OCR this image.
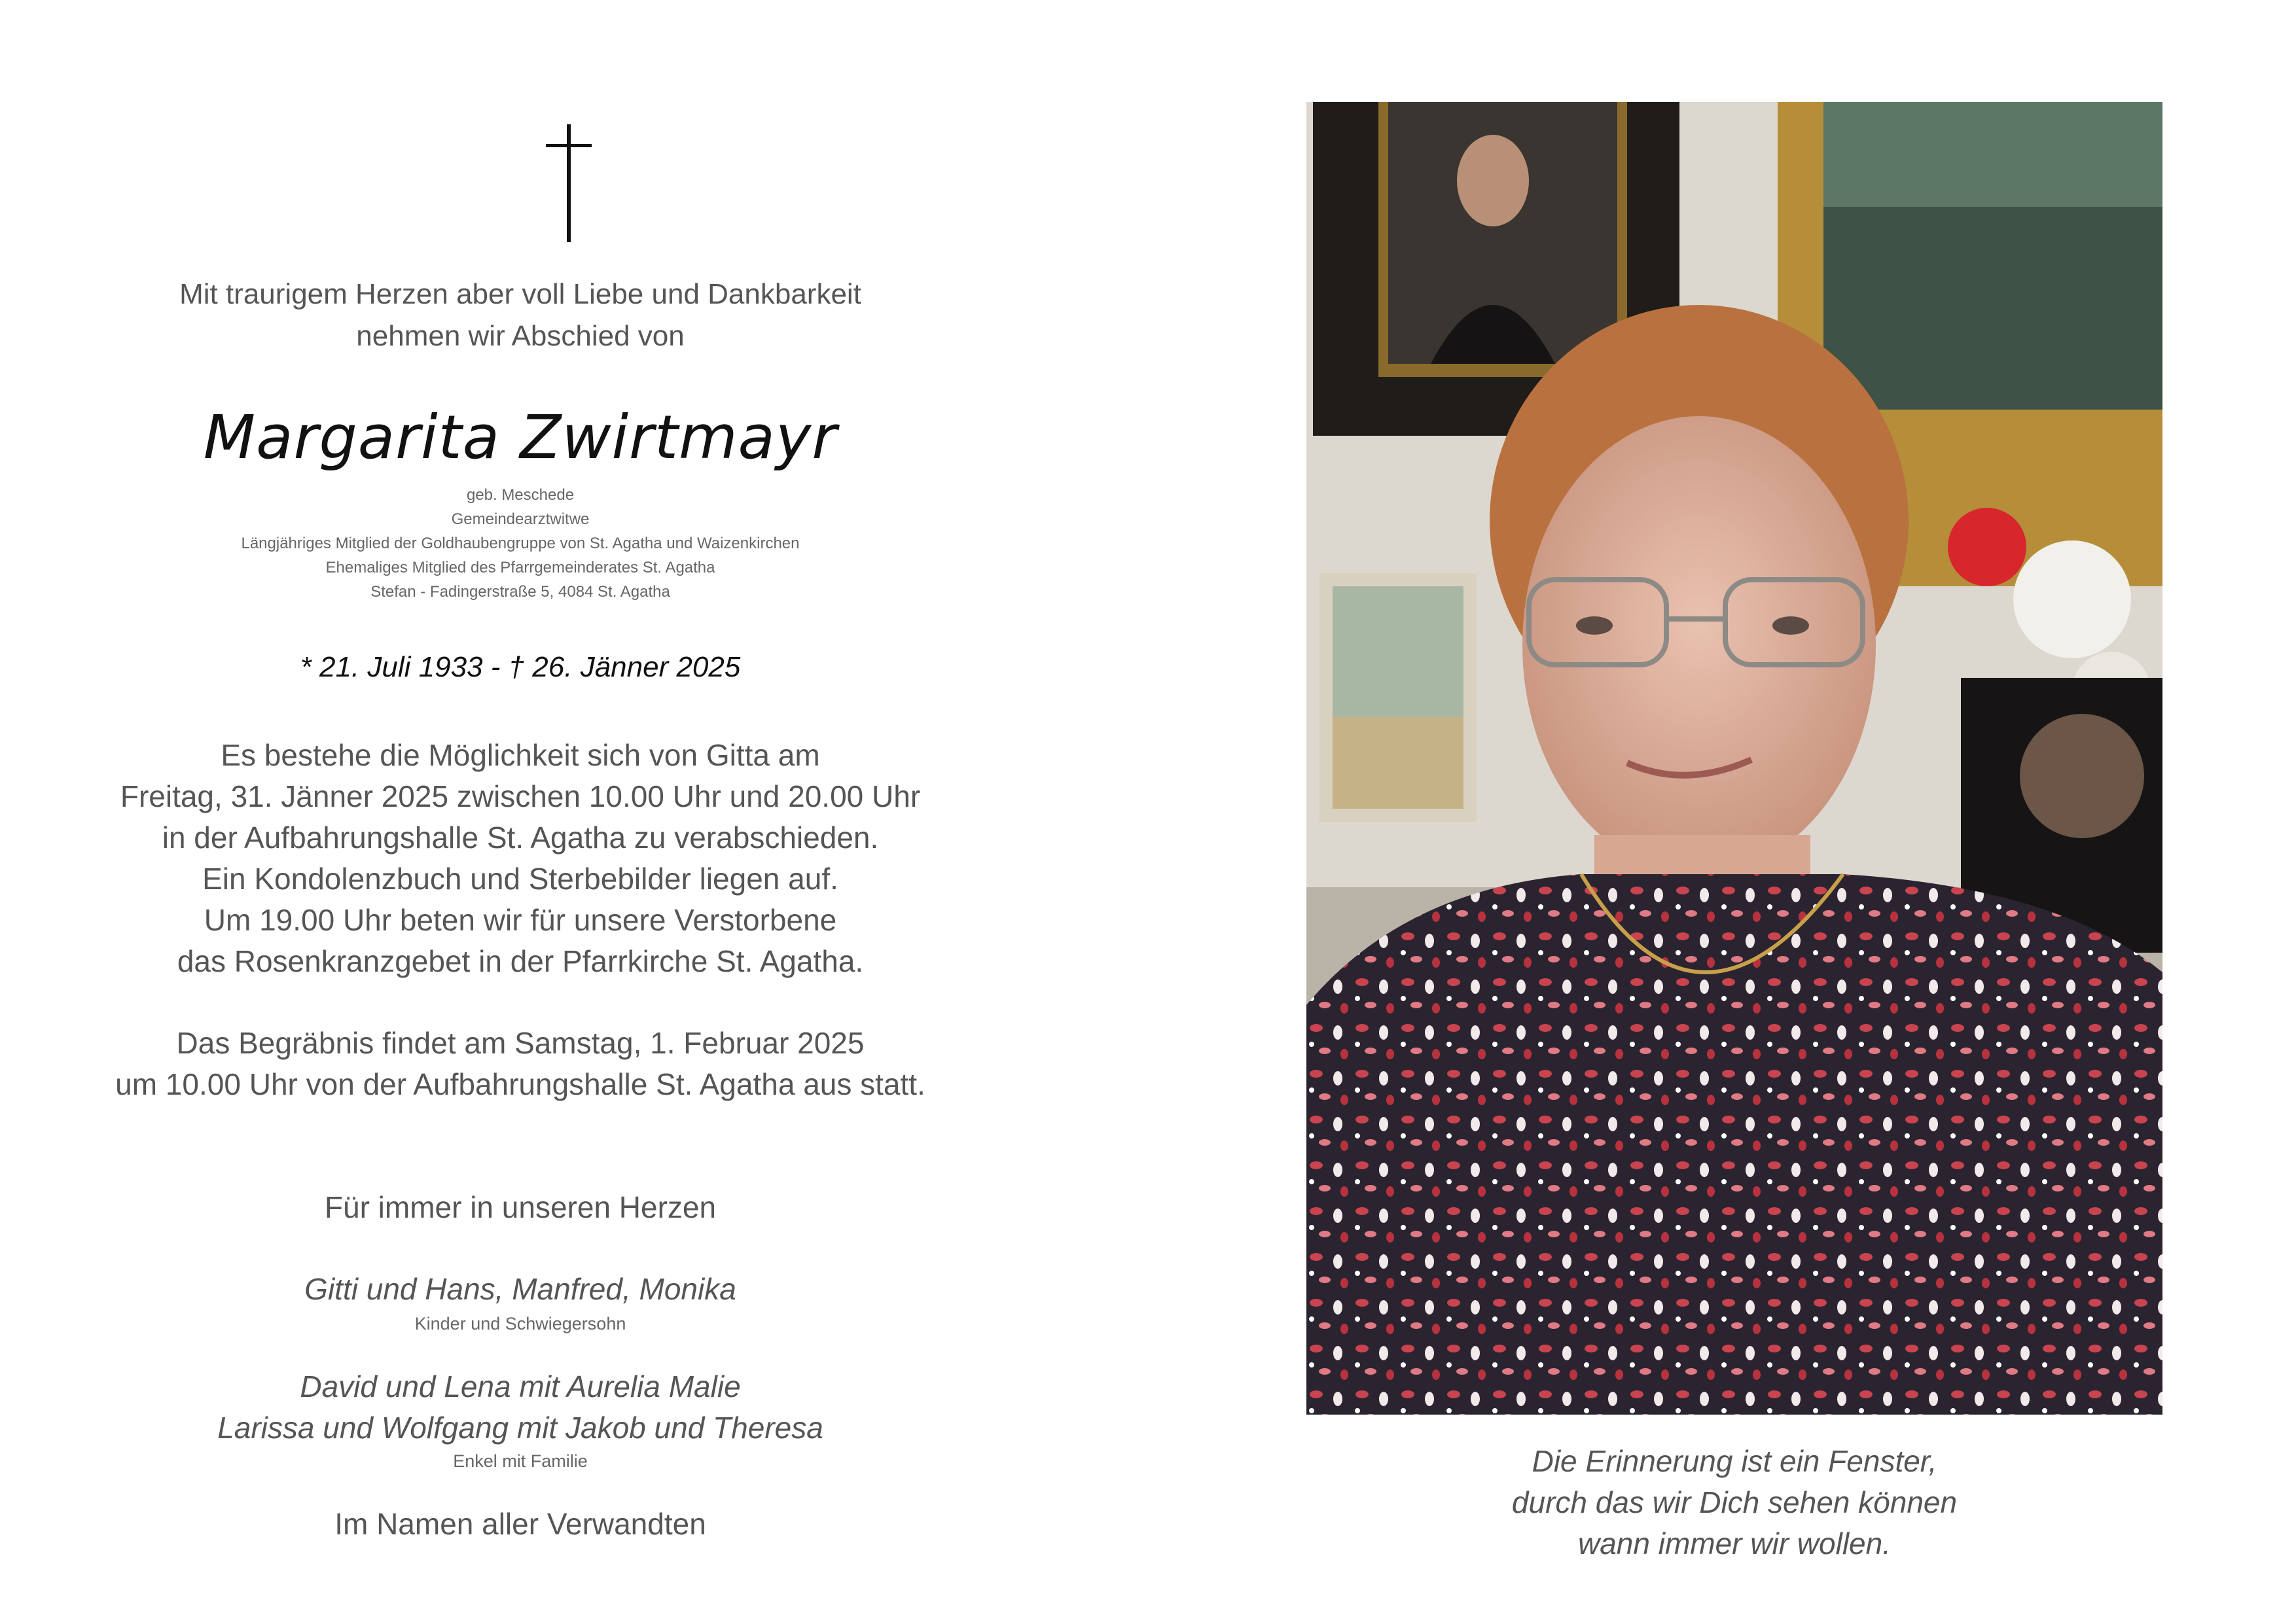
Mit traurigem Herzen aber voll Liebe und Dankbarkeit
nehmen wir Abschied von
Margarita Zwirtmayr
geb. Meschede
Gemeindearztwitwe
Längjähriges Mitglied der Goldhaubengruppe von St. Agatha und Waizenkirchen
Ehemaliges Mitglied des Pfarrgemeinderates St. Agatha
Stefan - Fadingerstraße 5, 4084 St. Agatha
* 21. Juli 1933 - † 26. Jänner 2025
Es bestehe die Möglichkeit sich von Gitta am
Freitag, 31. Jänner 2025 zwischen 10.00 Uhr und 20.00 Uhr
in der Aufbahrungshalle St. Agatha zu verabschieden.
Ein Kondolenzbuch und Sterbebilder liegen auf.
Um 19.00 Uhr beten wir für unsere Verstorbene
das Rosenkranzgebet in der Pfarrkirche St. Agatha.
Das Begräbnis findet am Samstag, 1. Februar 2025
um 10.00 Uhr von der Aufbahrungshalle St. Agatha aus statt.
Für immer in unseren Herzen
Gitti und Hans, Manfred, Monika
Kinder und Schwiegersohn
David und Lena mit Aurelia Malie
Larissa und Wolfgang mit Jakob und Theresa
Enkel mit Familie
Im Namen aller Verwandten
Die Erinnerung ist ein Fenster,
durch das wir Dich sehen können
wann immer wir wollen.
